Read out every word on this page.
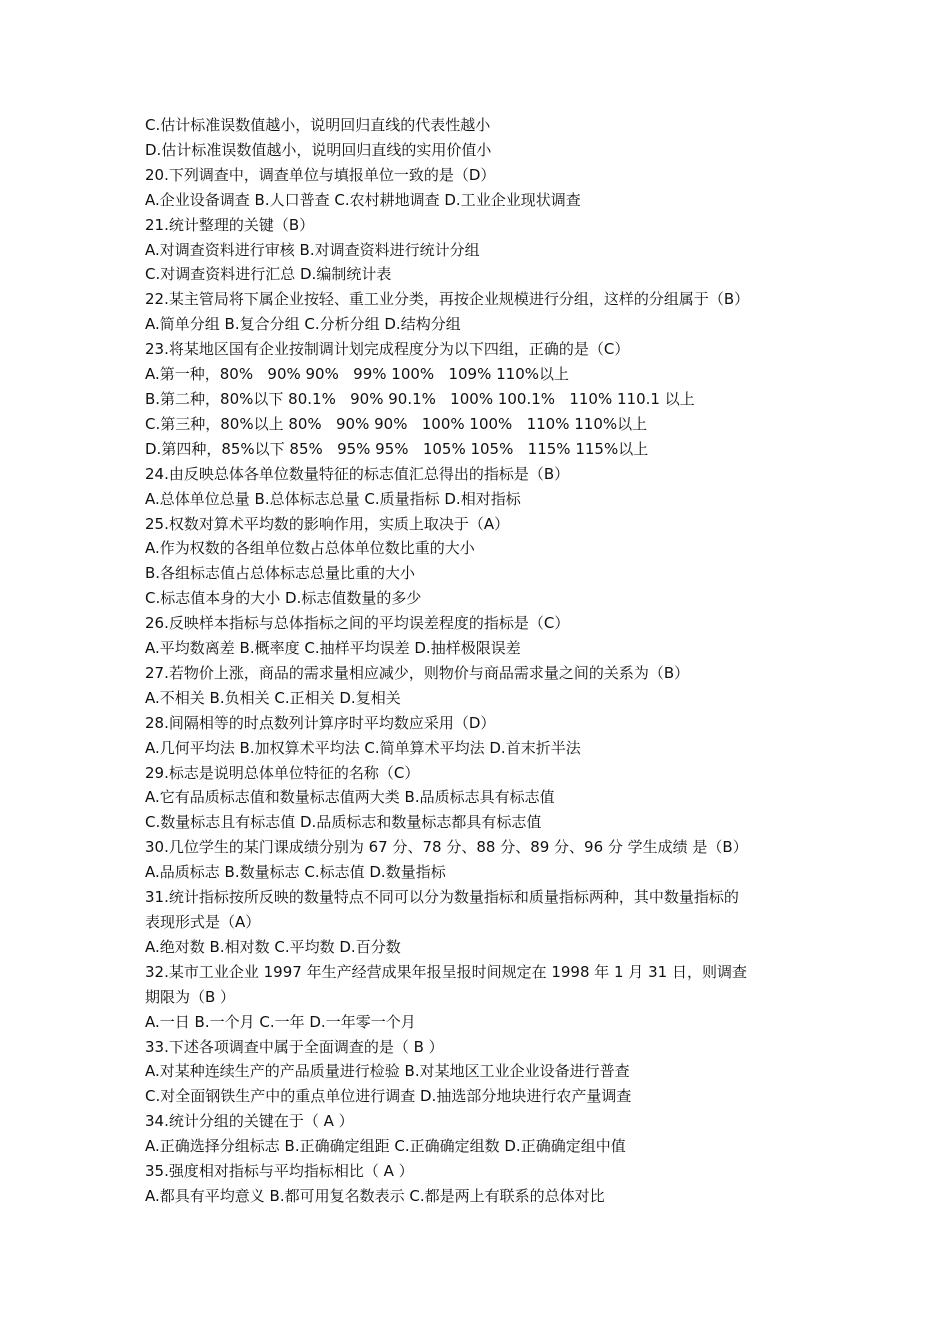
C.估计标准误数值越小，说明回归直线的代表性越小
D.估计标准误数值越小，说明回归直线的实用价值小
20.下列调查中，调查单位与填报单位一致的是（D）
A.企业设备调查 B.人口普查 C.农村耕地调查 D.工业企业现状调查
21.统计整理的关键（B）
A.对调查资料进行审核 B.对调查资料进行统计分组
C.对调查资料进行汇总 D.编制统计表
22.某主管局将下属企业按轻、重工业分类，再按企业规模进行分组，这样的分组属于（B）
A.简单分组 B.复合分组 C.分析分组 D.结构分组
23.将某地区国有企业按制调计划完成程度分为以下四组，正确的是（C）
A.第一种，80%   90% 90%   99% 100%   109% 110%以上
B.第二种，80%以下 80.1%   90% 90.1%   100% 100.1%   110% 110.1 以上
C.第三种，80%以上 80%   90% 90%   100% 100%   110% 110%以上
D.第四种，85%以下 85%   95% 95%   105% 105%   115% 115%以上
24.由反映总体各单位数量特征的标志值汇总得出的指标是（B）
A.总体单位总量 B.总体标志总量 C.质量指标 D.相对指标
25.权数对算术平均数的影响作用，实质上取决于（A）
A.作为权数的各组单位数占总体单位数比重的大小
B.各组标志值占总体标志总量比重的大小
C.标志值本身的大小 D.标志值数量的多少
26.反映样本指标与总体指标之间的平均误差程度的指标是（C）
A.平均数离差 B.概率度 C.抽样平均误差 D.抽样极限误差
27.若物价上涨，商品的需求量相应减少，则物价与商品需求量之间的关系为（B）
A.不相关 B.负相关 C.正相关 D.复相关
28.间隔相等的时点数列计算序时平均数应采用（D）
A.几何平均法 B.加权算术平均法 C.简单算术平均法 D.首末折半法
29.标志是说明总体单位特征的名称（C）
A.它有品质标志值和数量标志值两大类 B.品质标志具有标志值
C.数量标志且有标志值 D.品质标志和数量标志都具有标志值
30.几位学生的某门课成绩分别为 67 分、78 分、88 分、89 分、96 分 学生成绩 是（B）
A.品质标志 B.数量标志 C.标志值 D.数量指标
31.统计指标按所反映的数量特点不同可以分为数量指标和质量指标两种，其中数量指标的
表现形式是（A）
A.绝对数 B.相对数 C.平均数 D.百分数
32.某市工业企业 1997 年生产经营成果年报呈报时间规定在 1998 年 1 月 31 日，则调查
期限为（B ）
A.一日 B.一个月 C.一年 D.一年零一个月
33.下述各项调查中属于全面调查的是（ B ）
A.对某种连续生产的产品质量进行检验 B.对某地区工业企业设备进行普查
C.对全面钢铁生产中的重点单位进行调查 D.抽选部分地块进行农产量调查
34.统计分组的关键在于（ A ）
A.正确选择分组标志 B.正确确定组距 C.正确确定组数 D.正确确定组中值
35.强度相对指标与平均指标相比（ A ）
A.都具有平均意义 B.都可用复名数表示 C.都是两上有联系的总体对比
